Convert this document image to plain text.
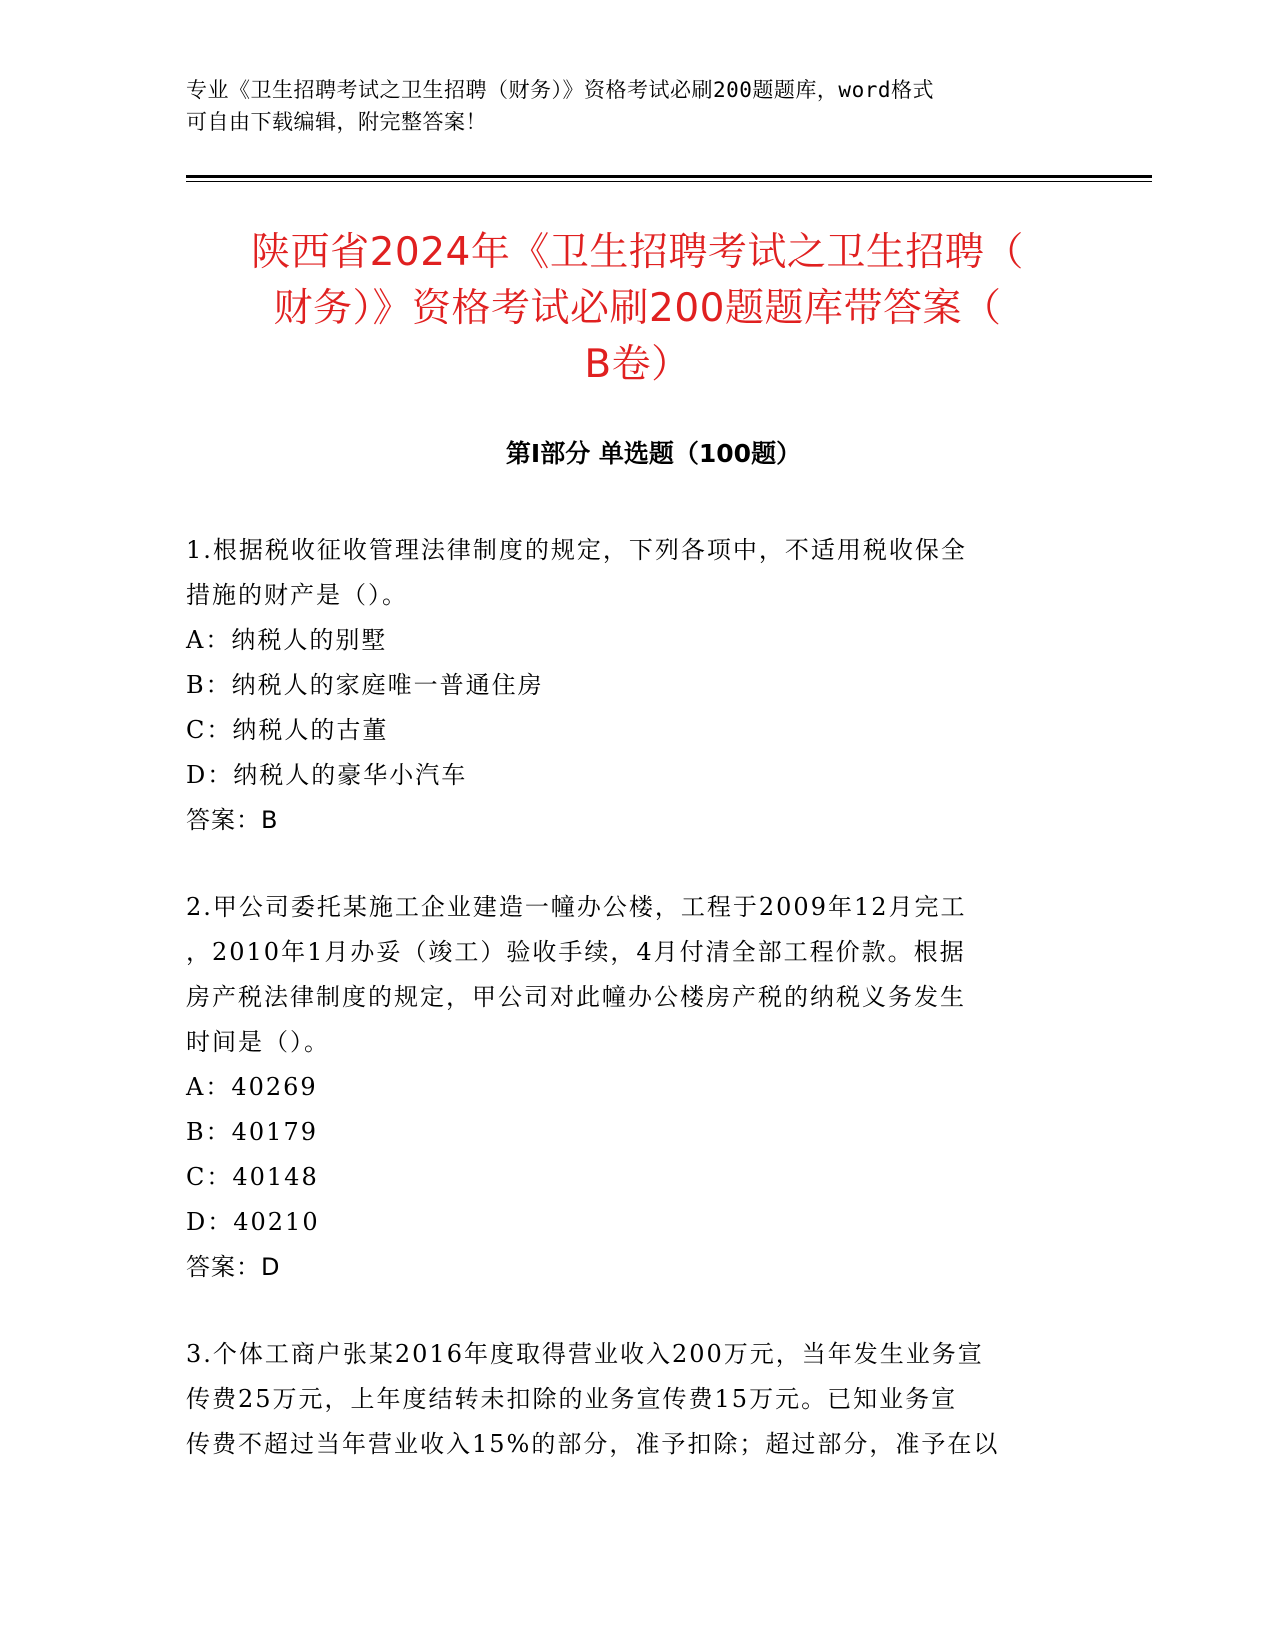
专业《卫生招聘考试之卫生招聘（财务）》资格考试必刷200题题库，word格式
可自由下载编辑，附完整答案！
陕西省2024年《卫生招聘考试之卫生招聘（
财务）》资格考试必刷200题题库带答案（
B卷）
第Ⅰ部分 单选题（100题）
1.根据税收征收管理法律制度的规定，下列各项中，不适用税收保全
措施的财产是（）。
A：纳税人的别墅
B：纳税人的家庭唯一普通住房
C：纳税人的古董
D：纳税人的豪华小汽车
答案：B
2.甲公司委托某施工企业建造一幢办公楼，工程于2009年12月完工
，2010年1月办妥（竣工）验收手续，4月付清全部工程价款。根据
房产税法律制度的规定，甲公司对此幢办公楼房产税的纳税义务发生
时间是（）。
A：40269
B：40179
C：40148
D：40210
答案：D
3.个体工商户张某2016年度取得营业收入200万元，当年发生业务宣
传费25万元，上年度结转未扣除的业务宣传费15万元。已知业务宣
传费不超过当年营业收入15%的部分，准予扣除；超过部分，准予在以
